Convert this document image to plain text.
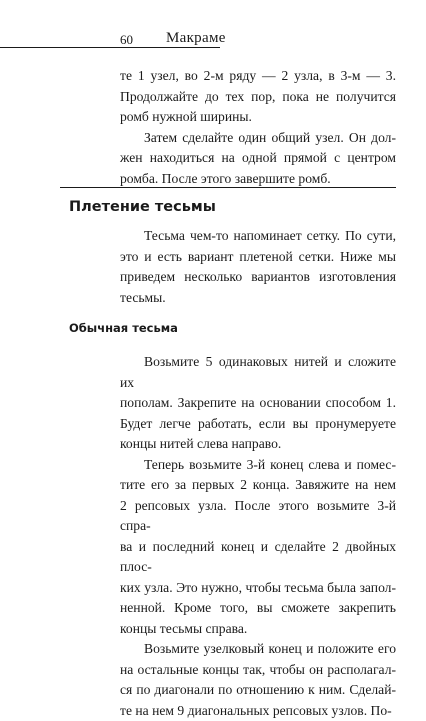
60 Макраме

те 1 узел, во 2-м ряду — 2 узла, в 3-м — 3.
Продолжайте до тех пор, пока не получится
ромб нужной ширины.

Затем сделайте один общий узел. Он дол-
жен находиться на одной прямой с центром
ромба. После этого завершите ромб.

Плетение тесьмы

Тесьма чем-то напоминает сетку. По сути,
это и есть вариант плетеной сетки. Ниже мы
приведем несколько вариантов изготовления
тесьмы.

Обычная тесьма

Возьмите 5 одинаковых нитей и сложите их
пополам. Закрепите на основании способом 1.
Будет легче работать, если вы пронумеруете
концы нитей слева направо.

Теперь возьмите 3-й конец слева и помес-
тите его за первых 2 конца. Завяжите на нем
2 репсовых узла. После этого возьмите 3-й спра-
ва и последний конец и сделайте 2 двойных плос-
ких узла. Это нужно, чтобы тесьма была запол-
ненной. Кроме того, вы сможете закрепить
концы тесьмы справа.

Возьмите узелковый конец и положите его
на остальные концы так, чтобы он располагал-
ся по диагонали по отношению к ним. Сделай-
те на нем 9 диагональных репсовых узлов. По-
